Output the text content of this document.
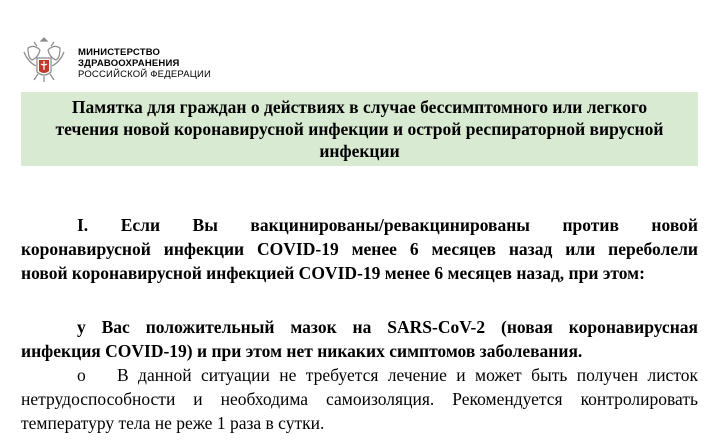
МИНИСТЕРСТВО
ЗДРАВООХРАНЕНИЯ
РОССИЙСКОЙ ФЕДЕРАЦИИ
Памятка для граждан о действиях в случае бессимптомного или легкого
течения новой коронавирусной инфекции и острой респираторной вирусной
инфекции
I. Если Вы вакцинированы/ревакцинированы против новой
коронавирусной инфекции COVID-19 менее 6 месяцев назад или переболели
новой коронавирусной инфекцией COVID-19 менее 6 месяцев назад, при этом:
у Вас положительный мазок на SARS-CoV-2 (новая коронавирусная
инфекция COVID-19) и при этом нет никаких симптомов заболевания.
o	В данной ситуации не требуется лечение и может быть получен листок
нетрудоспособности и необходима самоизоляция. Рекомендуется контролировать
температуру тела не реже 1 раза в сутки.
